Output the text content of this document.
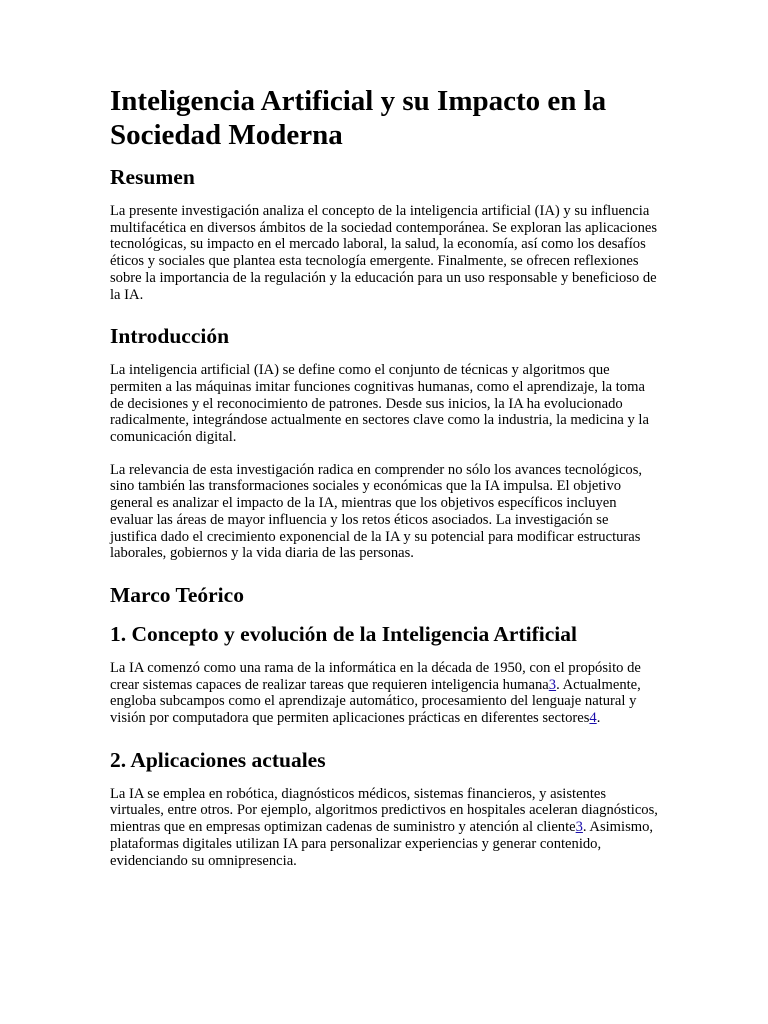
Inteligencia Artificial y su Impacto en la Sociedad Moderna
Resumen

La presente investigación analiza el concepto de la inteligencia artificial (IA) y su influencia multifacética en diversos ámbitos de la sociedad contemporánea. Se exploran las aplicaciones tecnológicas, su impacto en el mercado laboral, la salud, la economía, así como los desafíos éticos y sociales que plantea esta tecnología emergente. Finalmente, se ofrecen reflexiones sobre la importancia de la regulación y la educación para un uso responsable y beneficioso de la IA.

Introducción

La inteligencia artificial (IA) se define como el conjunto de técnicas y algoritmos que permiten a las máquinas imitar funciones cognitivas humanas, como el aprendizaje, la toma de decisiones y el reconocimiento de patrones. Desde sus inicios, la IA ha evolucionado radicalmente, integrándose actualmente en sectores clave como la industria, la medicina y la comunicación digital.

La relevancia de esta investigación radica en comprender no sólo los avances tecnológicos, sino también las transformaciones sociales y económicas que la IA impulsa. El objetivo general es analizar el impacto de la IA, mientras que los objetivos específicos incluyen evaluar las áreas de mayor influencia y los retos éticos asociados. La investigación se justifica dado el crecimiento exponencial de la IA y su potencial para modificar estructuras laborales, gobiernos y la vida diaria de las personas.

Marco Teórico
1. Concepto y evolución de la Inteligencia Artificial

La IA comenzó como una rama de la informática en la década de 1950, con el propósito de crear sistemas capaces de realizar tareas que requieren inteligencia humana3. Actualmente, engloba subcampos como el aprendizaje automático, procesamiento del lenguaje natural y visión por computadora que permiten aplicaciones prácticas en diferentes sectores4.

2. Aplicaciones actuales

La IA se emplea en robótica, diagnósticos médicos, sistemas financieros, y asistentes virtuales, entre otros. Por ejemplo, algoritmos predictivos en hospitales aceleran diagnósticos, mientras que en empresas optimizan cadenas de suministro y atención al cliente3. Asimismo, plataformas digitales utilizan IA para personalizar experiencias y generar contenido, evidenciando su omnipresencia.
